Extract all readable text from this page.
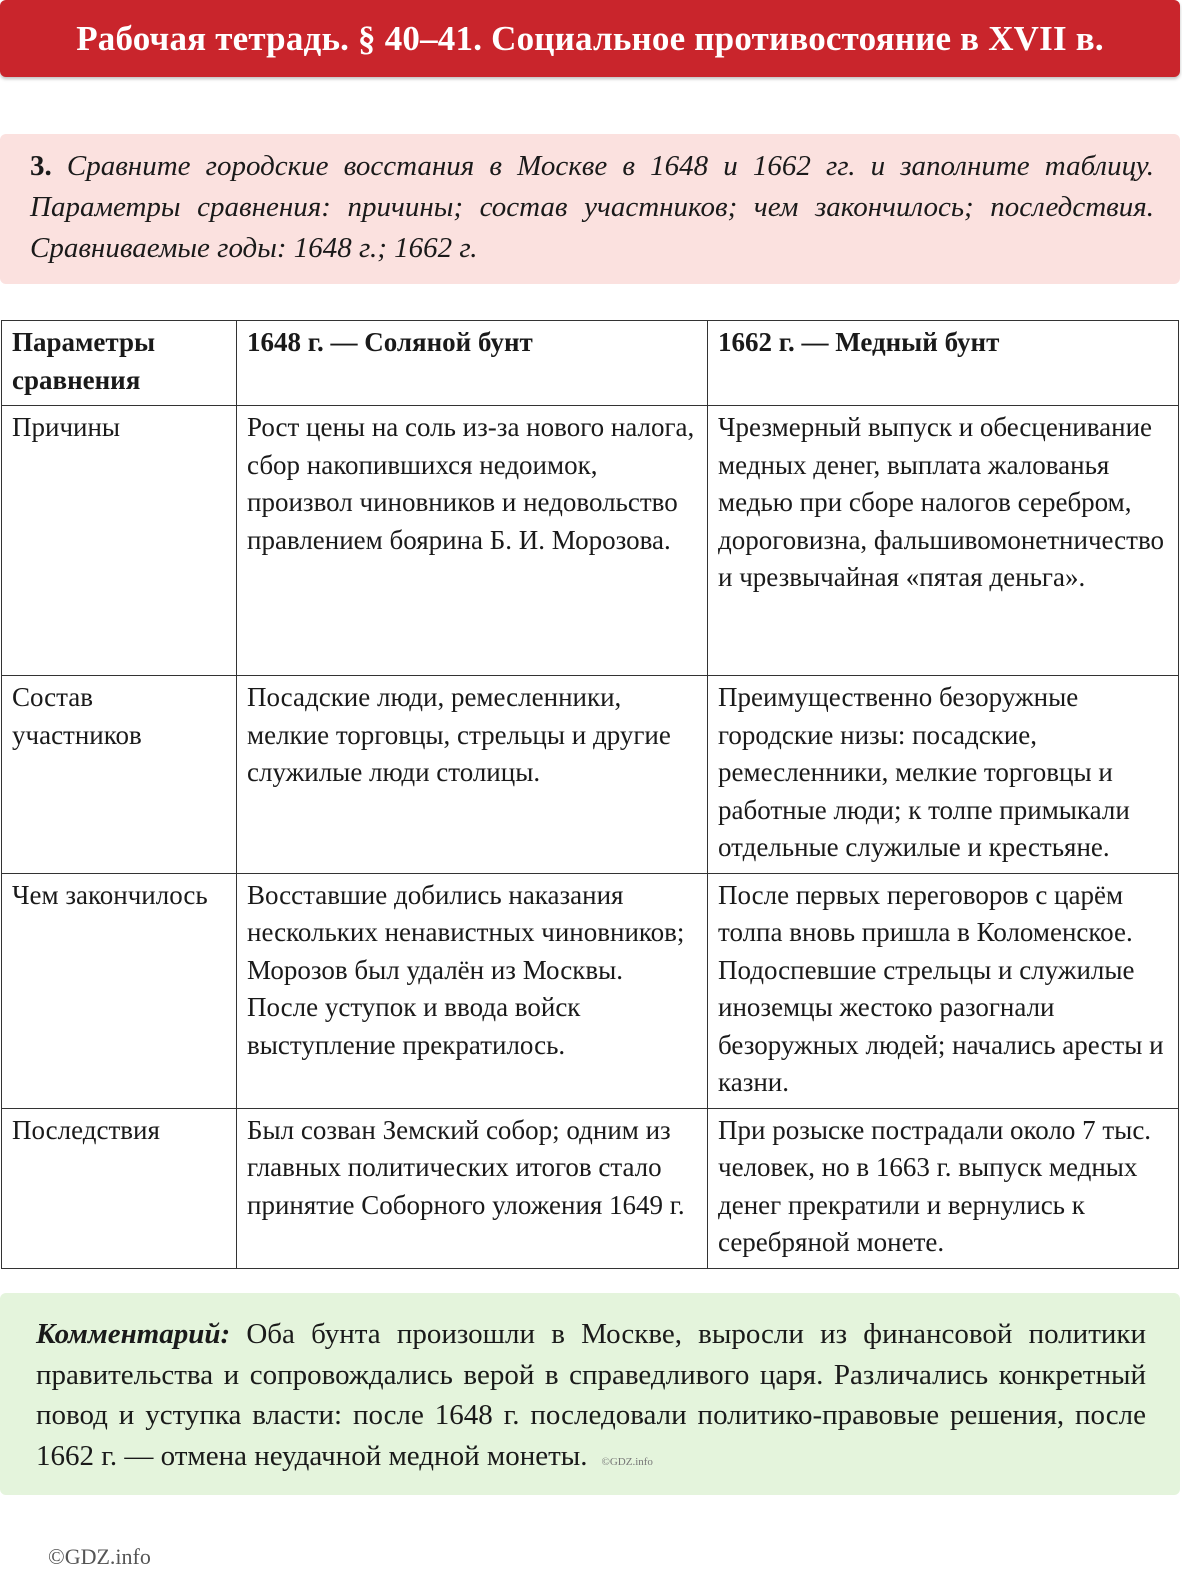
Рабочая тетрадь. § 40–41. Социальное противостояние в XVII в.
3. Сравните городские восстания в Москве в 1648 и 1662 гг. и заполните таблицу. Параметры сравнения: причины; состав участников; чем закончилось; последствия. Сравниваемые годы: 1648 г.; 1662 г.
Параметры сравнения	1648 г. — Соляной бунт	1662 г. — Медный бунт
Причины	Рост цены на соль из-за нового налога, сбор накопившихся недоимок, произвол чиновников и недовольство правлением боярина Б. И. Морозова.	Чрезмерный выпуск и обесценивание медных денег, выплата жалованья медью при сборе налогов серебром, дороговизна, фальшивомонетничество и чрезвычайная «пятая деньга».
Состав участников	Посадские люди, ремесленники, мелкие торговцы, стрельцы и другие служилые люди столицы.	Преимущественно безоружные городские низы: посадские, ремесленники, мелкие торговцы и работные люди; к толпе примыкали отдельные служилые и крестьяне.
Чем закончилось	Восставшие добились наказания нескольких ненавистных чиновников; Морозов был удалён из Москвы. После уступок и ввода войск выступление прекратилось.	После первых переговоров с царём толпа вновь пришла в Коломенское. Подоспевшие стрельцы и служилые иноземцы жестоко разогнали безоружных людей; начались аресты и казни.
Последствия	Был созван Земский собор; одним из главных политических итогов стало принятие Соборного уложения 1649 г.	При розыске пострадали около 7 тыс. человек, но в 1663 г. выпуск медных денег прекратили и вернулись к серебряной монете.
Комментарий: Оба бунта произошли в Москве, выросли из финансовой политики правительства и сопровождались верой в справедливого царя. Различались конкретный повод и уступка власти: после 1648 г. последовали политико-правовые решения, после 1662 г. — отмена неудачной медной монеты. ©GDZ.info
©GDZ.info
